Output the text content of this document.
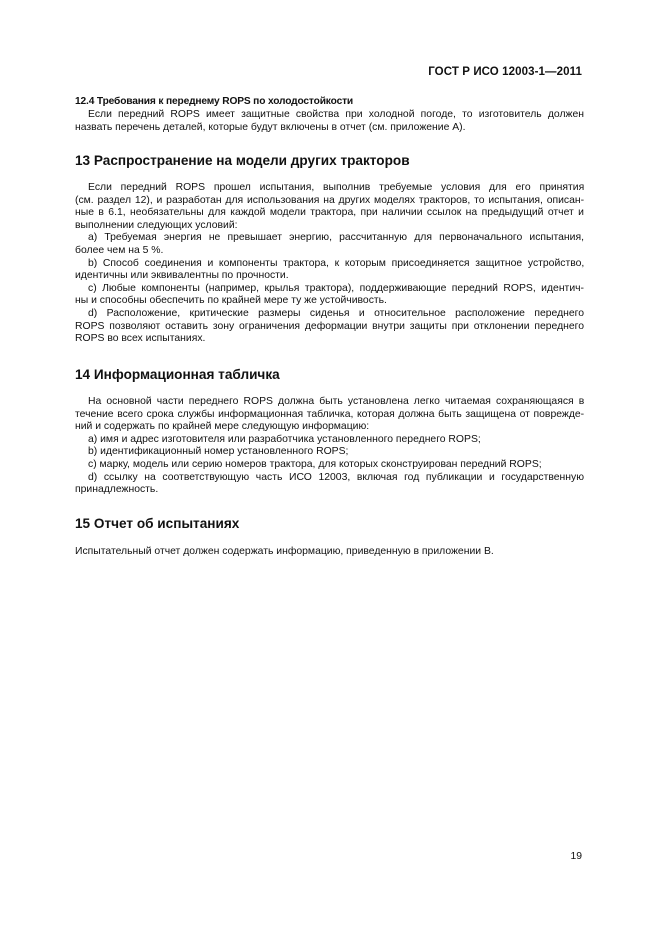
ГОСТ Р ИСО 12003-1—2011
12.4 Требования к переднему ROPS по холодостойкости
Если передний ROPS имеет защитные свойства при холодной погоде, то изготовитель должен
назвать перечень деталей, которые будут включены в отчет (см. приложение А).
13 Распространение на модели других тракторов
Если передний ROPS прошел испытания, выполнив требуемые условия для его принятия
(см. раздел 12), и разработан для использования на других моделях тракторов, то испытания, описан-
ные в 6.1, необязательны для каждой модели трактора, при наличии ссылок на предыдущий отчет и
выполнении следующих условий:
а) Требуемая энергия не превышает энергию, рассчитанную для первоначального испытания,
более чем на 5 %.
b) Способ соединения и компоненты трактора, к которым присоединяется защитное устройство,
идентичны или эквивалентны по прочности.
c) Любые компоненты (например, крылья трактора), поддерживающие передний ROPS, идентич-
ны и способны обеспечить по крайней мере ту же устойчивость.
d) Расположение, критические размеры сиденья и относительное расположение переднего
ROPS позволяют оставить зону ограничения деформации внутри защиты при отклонении переднего
ROPS во всех испытаниях.
14 Информационная табличка
На основной части переднего ROPS должна быть установлена легко читаемая сохраняющаяся в
течение всего срока службы информационная табличка, которая должна быть защищена от поврежде-
ний и содержать по крайней мере следующую информацию:
а) имя и адрес изготовителя или разработчика установленного переднего ROPS;
b) идентификационный номер установленного ROPS;
c) марку, модель или серию номеров трактора, для которых сконструирован передний ROPS;
d) ссылку на соответствующую часть ИСО 12003, включая год публикации и государственную
принадлежность.
15 Отчет об испытаниях
Испытательный отчет должен содержать информацию, приведенную в приложении В.
19
